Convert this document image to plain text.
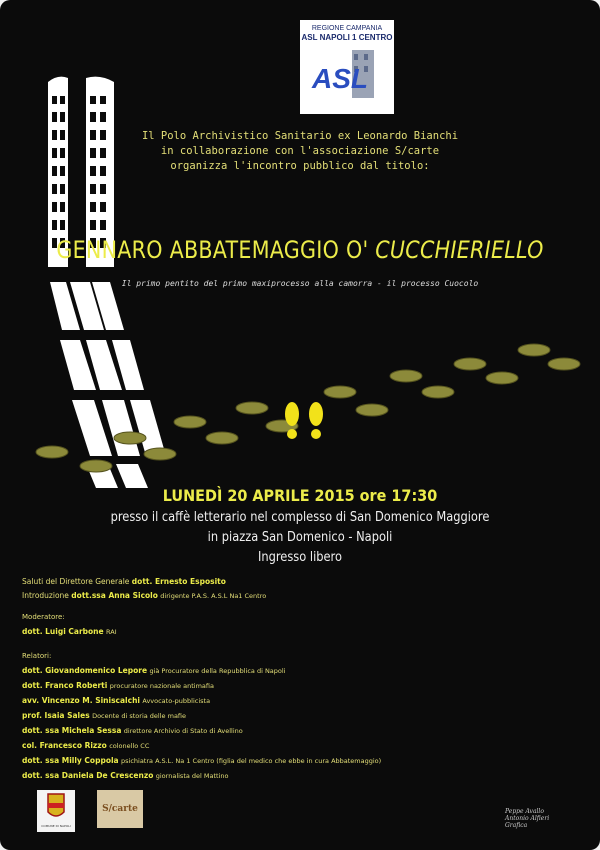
REGIONE CAMPANIA
ASL NAPOLI 1 CENTRO
ASL
Il Polo Archivistico Sanitario ex Leonardo Bianchi
in collaborazione con l'associazione S/carte
organizza l'incontro pubblico dal titolo:
GENNARO ABBATEMAGGIO O' CUCCHIERIELLO
Il primo pentito del primo maxiprocesso alla camorra - il processo Cuocolo
LUNEDÌ 20 APRILE 2015 ore 17:30
presso il caffè letterario nel complesso di San Domenico Maggiore
in piazza San Domenico - Napoli
Ingresso libero
Saluti del Direttore Generale dott. Ernesto Esposito
Introduzione dott.ssa Anna Sicolo dirigente P.A.S. A.S.L Na1 Centro
Moderatore:
dott. Luigi Carbone RAI
Relatori:
dott. Giovandomenico Lepore già Procuratore della Repubblica di Napoli
dott. Franco Roberti procuratore nazionale antimafia
avv. Vincenzo M. Siniscalchi Avvocato-pubblicista
prof. Isaia Sales Docente di storia delle mafie
dott. ssa Michela Sessa direttore Archivio di Stato di Avellino
col. Francesco Rizzo colonello CC
dott. ssa Milly Coppola psichiatra A.S.L. Na 1 Centro (figlia del medico che ebbe in cura Abbatemaggio)
dott. ssa Daniela De Crescenzo giornalista del Mattino
COMUNE DI NAPOLI
S/carte	Peppe Avallo
Antonio Alfieri
Grafica
